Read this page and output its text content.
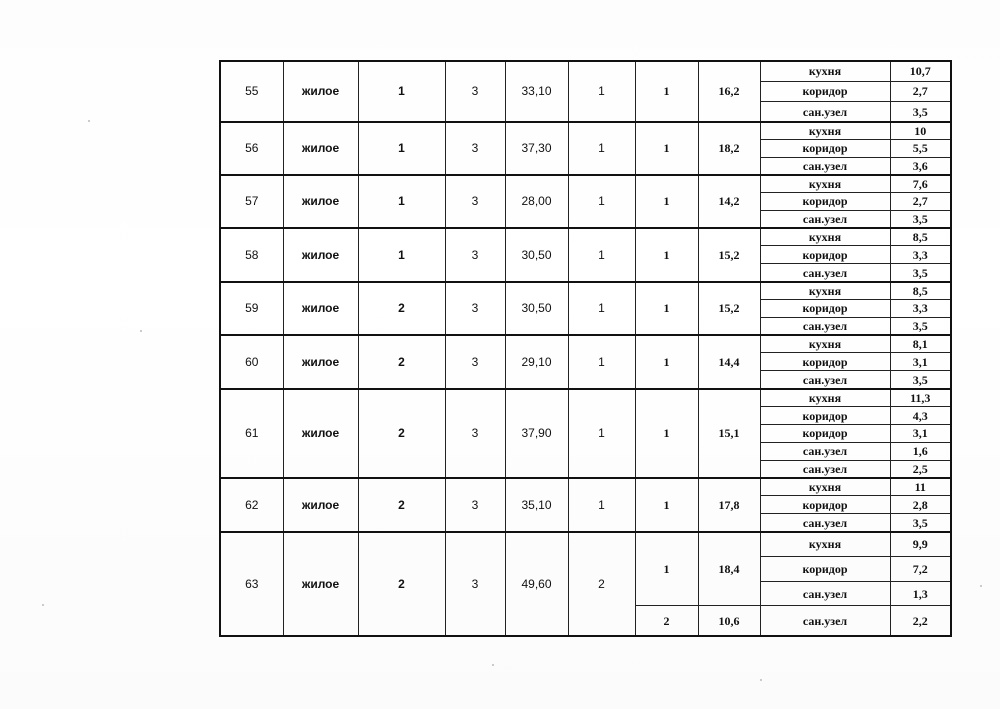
55	жилое	1	3	33,10	1	1	16,2	кухня	10,7
								коридор	2,7
								сан.узел	3,5
56	жилое	1	3	37,30	1	1	18,2	кухня	10
								коридор	5,5
								сан.узел	3,6
57	жилое	1	3	28,00	1	1	14,2	кухня	7,6
								коридор	2,7
								сан.узел	3,5
58	жилое	1	3	30,50	1	1	15,2	кухня	8,5
								коридор	3,3
								сан.узел	3,5
59	жилое	2	3	30,50	1	1	15,2	кухня	8,5
								коридор	3,3
								сан.узел	3,5
60	жилое	2	3	29,10	1	1	14,4	кухня	8,1
								коридор	3,1
								сан.узел	3,5
61	жилое	2	3	37,90	1	1	15,1	кухня	11,3
								коридор	4,3
								коридор	3,1
								сан.узел	1,6
								сан.узел	2,5
62	жилое	2	3	35,10	1	1	17,8	кухня	11
								коридор	2,8
								сан.узел	3,5
63	жилое	2	3	49,60	2	1	18,4	кухня	9,9
								коридор	7,2
								сан.узел	1,3
						2	10,6	сан.узел	2,2
